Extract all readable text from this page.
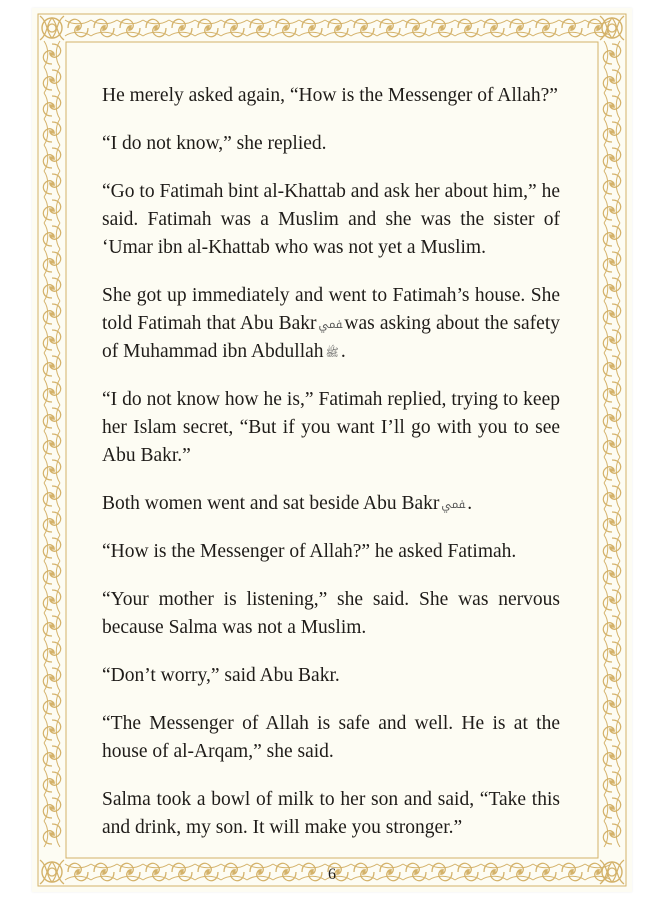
He merely asked again, “How is the Messenger of Allah?”

“I do not know,” she replied.

“Go to Fatimah bint al-Khattab and ask her about him,” he said. Fatimah was a Muslim and she was the sister of ‘Umar ibn al-Khattab who was not yet a Muslim.

She got up immediately and went to Fatimah’s house. She told Fatimah that Abu Bakr ﷁ was asking about the safety of Muhammad ibn Abdullah ﷺ .

“I do not know how he is,” Fatimah replied, trying to keep her Islam secret, “But if you want I’ll go with you to see Abu Bakr.”

Both women went and sat beside Abu Bakr ﷁ .

“How is the Messenger of Allah?” he asked Fatimah.

“Your mother is listening,” she said. She was nervous because Salma was not a Muslim.

“Don’t worry,” said Abu Bakr.

“The Messenger of Allah is safe and well. He is at the house of al-Arqam,” she said.

Salma took a bowl of milk to her son and said, “Take this and drink, my son. It will make you stronger.”

6
